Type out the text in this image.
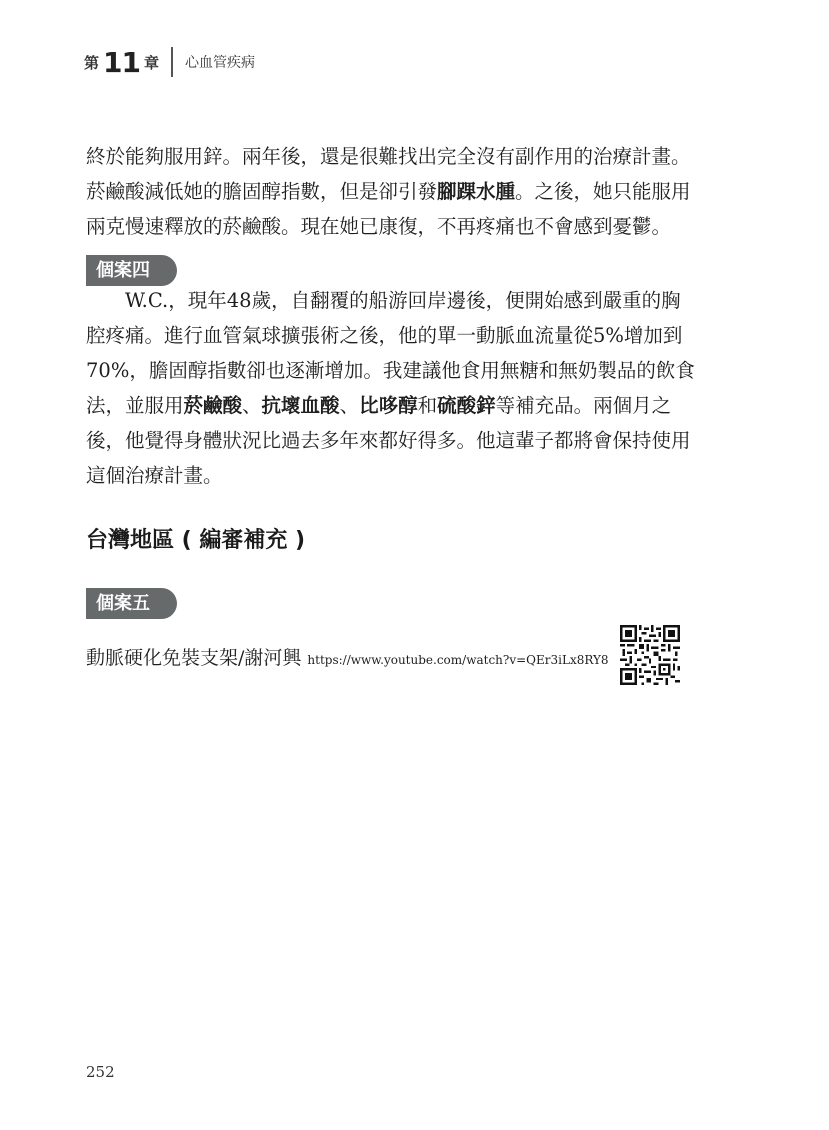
第 11 章 心血管疾病
終於能夠服用鋅。兩年後，還是很難找出完全沒有副作用的治療計畫。
菸鹼酸減低她的膽固醇指數，但是卻引發腳踝水腫。之後，她只能服用
兩克慢速釋放的菸鹼酸。現在她已康復，不再疼痛也不會感到憂鬱。
個案四
　　W.C.，現年48歲，自翻覆的船游回岸邊後，便開始感到嚴重的胸
腔疼痛。進行血管氣球擴張術之後，他的單一動脈血流量從5%增加到
70%，膽固醇指數卻也逐漸增加。我建議他食用無糖和無奶製品的飲食
法，並服用菸鹼酸、抗壞血酸、比哆醇和硫酸鋅等補充品。兩個月之
後，他覺得身體狀況比過去多年來都好得多。他這輩子都將會保持使用
這個治療計畫。
台灣地區 ( 編審補充 )
個案五
動脈硬化免裝支架/謝河興 https://www.youtube.com/watch?v=QEr3iLx8RY8
252
